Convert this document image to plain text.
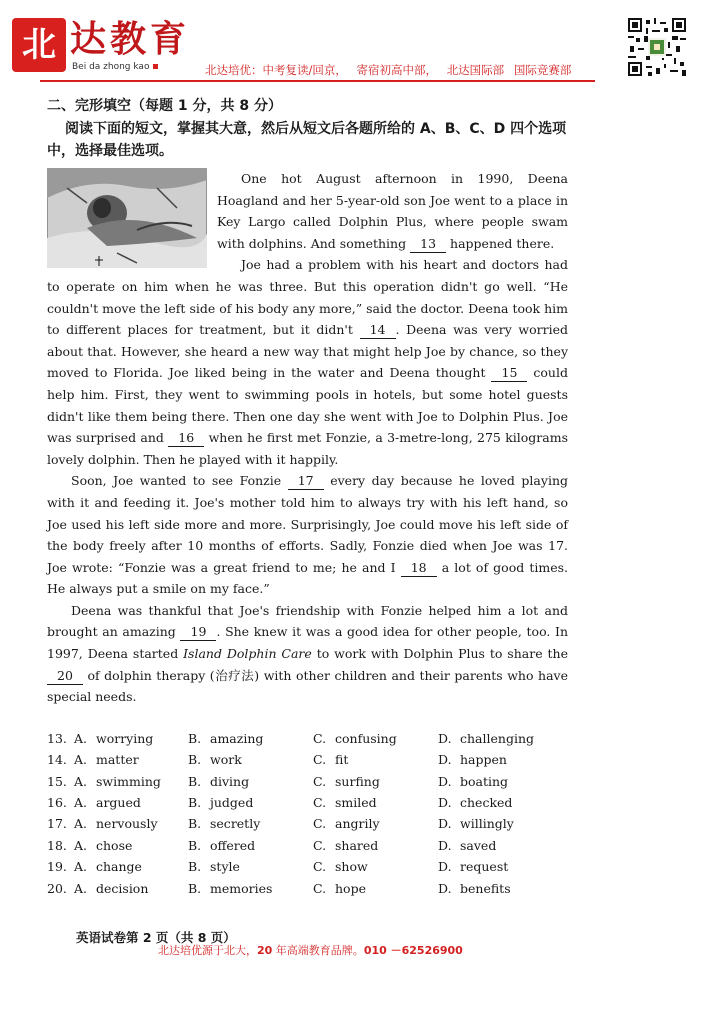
北 达教育
Bei da zhong kao	北达培优：中考复读/回京， 寄宿初高中部， 北达国际部 国际竞赛部

二、完形填空（每题 1 分，共 8 分）

阅读下面的短文，掌握其大意，然后从短文后各题所给的 A、B、C、D 四个选项中，选择最佳选项。

One hot August afternoon in 1990, Deena Hoagland and her 5-year-old son Joe went to a place in Key Largo called Dolphin Plus, where people swam with dolphins. And something 13 happened there.

Joe had a problem with his heart and doctors had to operate on him when he was three. But this operation didn't go well. “He couldn't move the left side of his body any more,” said the doctor. Deena took him to different places for treatment, but it didn't 14 . Deena was very worried about that. However, she heard a new way that might help Joe by chance, so they moved to Florida. Joe liked being in the water and Deena thought 15 could help him. First, they went to swimming pools in hotels, but some hotel guests didn't like them being there. Then one day she went with Joe to Dolphin Plus. Joe was surprised and 16 when he first met Fonzie, a 3-metre-long, 275 kilograms lovely dolphin. Then he played with it happily.

Soon, Joe wanted to see Fonzie 17 every day because he loved playing with it and feeding it. Joe's mother told him to always try with his left hand, so Joe used his left side more and more. Surprisingly, Joe could move his left side of the body freely after 10 months of efforts. Sadly, Fonzie died when Joe was 17. Joe wrote: “Fonzie was a great friend to me; he and I 18 a lot of good times. He always put a smile on my face.”

Deena was thankful that Joe's friendship with Fonzie helped him a lot and brought an amazing 19 . She knew it was a good idea for other people, too. In 1997, Deena started Island Dolphin Care to work with Dolphin Plus to share the 20 of dolphin therapy (治疗法) with other children and their parents who have special needs.

13. A. worrying	B. amazing	C. confusing	D. challenging
14. A. matter	B. work	C. fit	D. happen
15. A. swimming	B. diving	C. surfing	D. boating
16. A. argued	B. judged	C. smiled	D. checked
17. A. nervously	B. secretly	C. angrily	D. willingly
18. A. chose	B. offered	C. shared	D. saved
19. A. change	B. style	C. show	D. request
20. A. decision	B. memories	C. hope	D. benefits
英语试卷第 2 页（共 8 页）
北达培优源于北大，20 年高端教育品牌。010 －62526900
